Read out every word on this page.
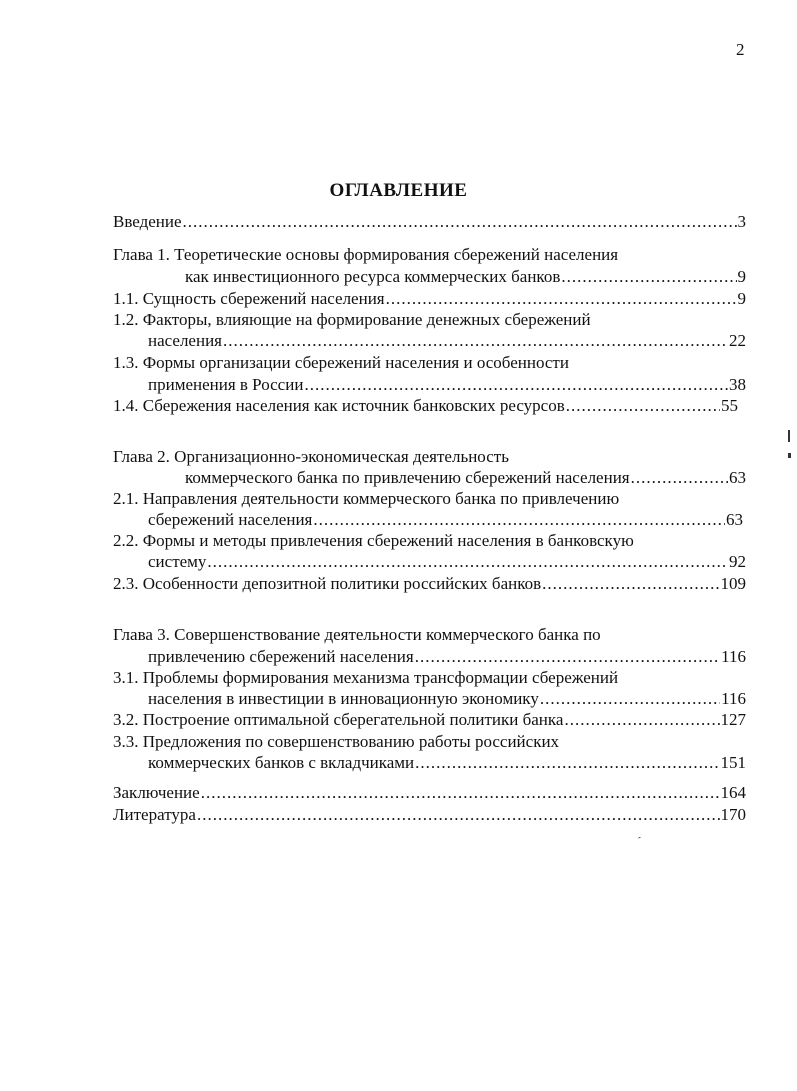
2
ОГЛАВЛЕНИЕ
Введение .....	3
Глава 1. Теоретические основы формирования сбережений населения
как инвестиционного ресурса коммерческих банков .....	9
1.1. Сущность сбережений населения .....	9
1.2. Факторы, влияющие на формирование денежных сбережений
населения .....	22
1.3. Формы организации сбережений населения и особенности
применения в России .....	38
1.4. Сбережения населения как источник банковских ресурсов .....	55
Глава 2. Организационно-экономическая деятельность
коммерческого банка по привлечению сбережений населения .....	63
2.1. Направления деятельности коммерческого банка по привлечению
сбережений населения .....	63
2.2. Формы и методы привлечения сбережений населения в банковскую
систему .....	92
2.3. Особенности депозитной политики российских банков .....	109
Глава 3. Совершенствование деятельности коммерческого банка по
привлечению сбережений населения .....	116
3.1. Проблемы формирования механизма трансформации сбережений
населения в инвестиции в инновационную экономику .....	116
3.2. Построение оптимальной сберегательной политики банка .....	127
3.3. Предложения по совершенствованию работы российских
коммерческих банков с вкладчиками .....	151
Заключение .....	164
Литература .....	170
ˊ
